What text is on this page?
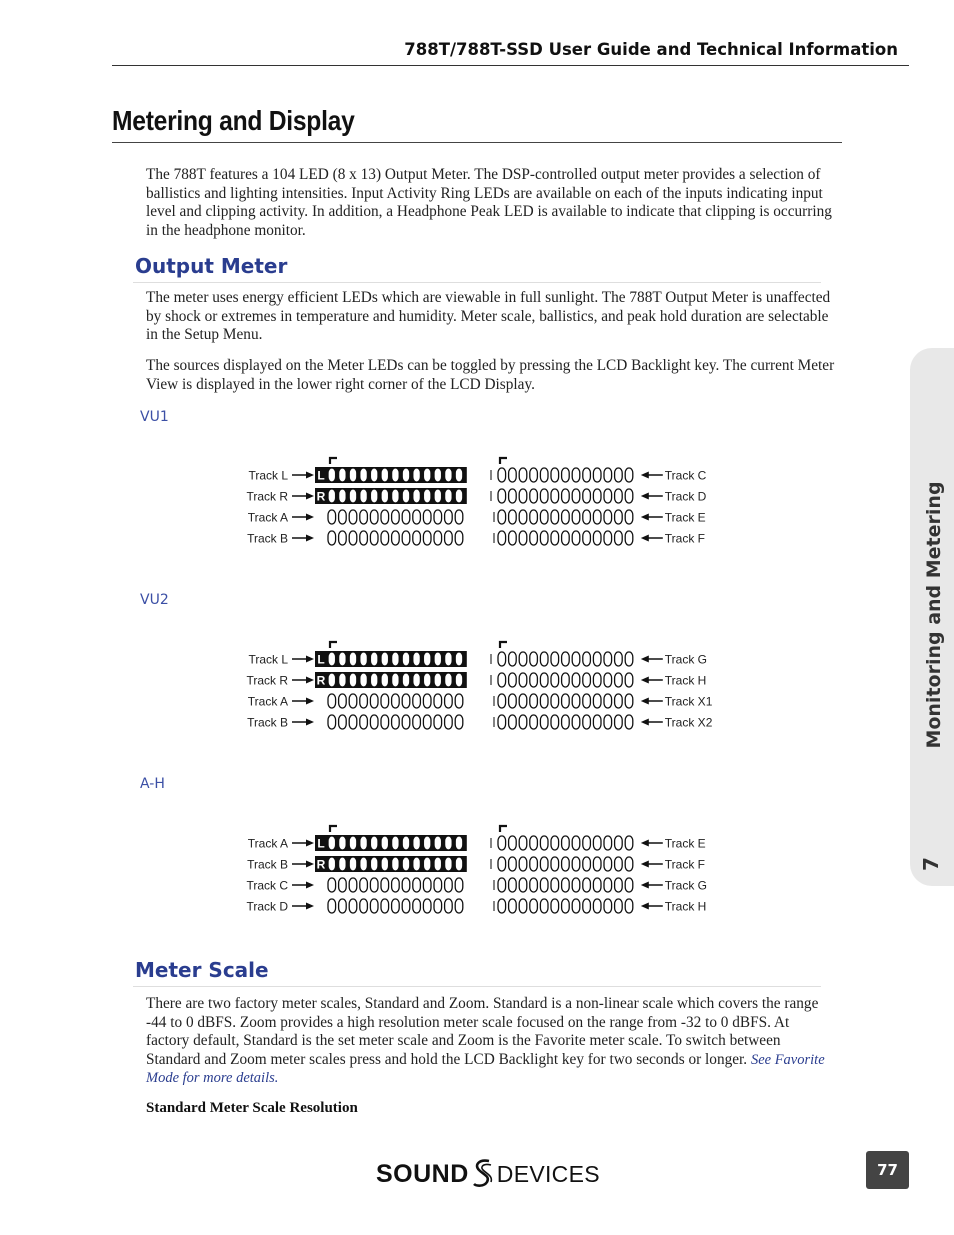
788T/788T-SSD User Guide and Technical Information
Metering and Display

The 788T features a 104 LED (8 x 13) Output Meter. The DSP-controlled output meter provides a selection of ballistics and lighting intensities. Input Activity Ring LEDs are available on each of the inputs indicating input level and clipping activity. In addition, a Headphone Peak LED is available to indicate that clipping is occurring in the headphone monitor.

Output Meter

The meter uses energy efficient LEDs which are viewable in full sunlight. The 788T Output Meter is unaffected by shock or extremes in temperature and humidity. Meter scale, ballistics, and peak hold duration are selectable in the Setup Menu.

The sources displayed on the Meter LEDs can be toggled by pressing the LCD Backlight key. The current Meter View is displayed in the lower right corner of the LCD Display.

VU1
Track L L	Track C
Track R R	Track D
Track A	Track E
Track B	Track F
VU2
Track L L	Track G
Track R R	Track H
Track A	Track X1
Track B	Track X2
A-H
Track A L	Track E
Track B R	Track F
Track C	Track G
Track D	Track H
Meter Scale

There are two factory meter scales, Standard and Zoom. Standard is a non-linear scale which covers the range -44 to 0 dBFS. Zoom provides a high resolution meter scale focused on the range from -32 to 0 dBFS. At factory default, Standard is the set meter scale and Zoom is the Favorite meter scale. To switch between Standard and Zoom meter scales press and hold the LCD Backlight key for two seconds or longer. See Favorite Mode for more details.

Standard Meter Scale Resolution
Monitoring and Metering
7
SOUND DEVICES	77
